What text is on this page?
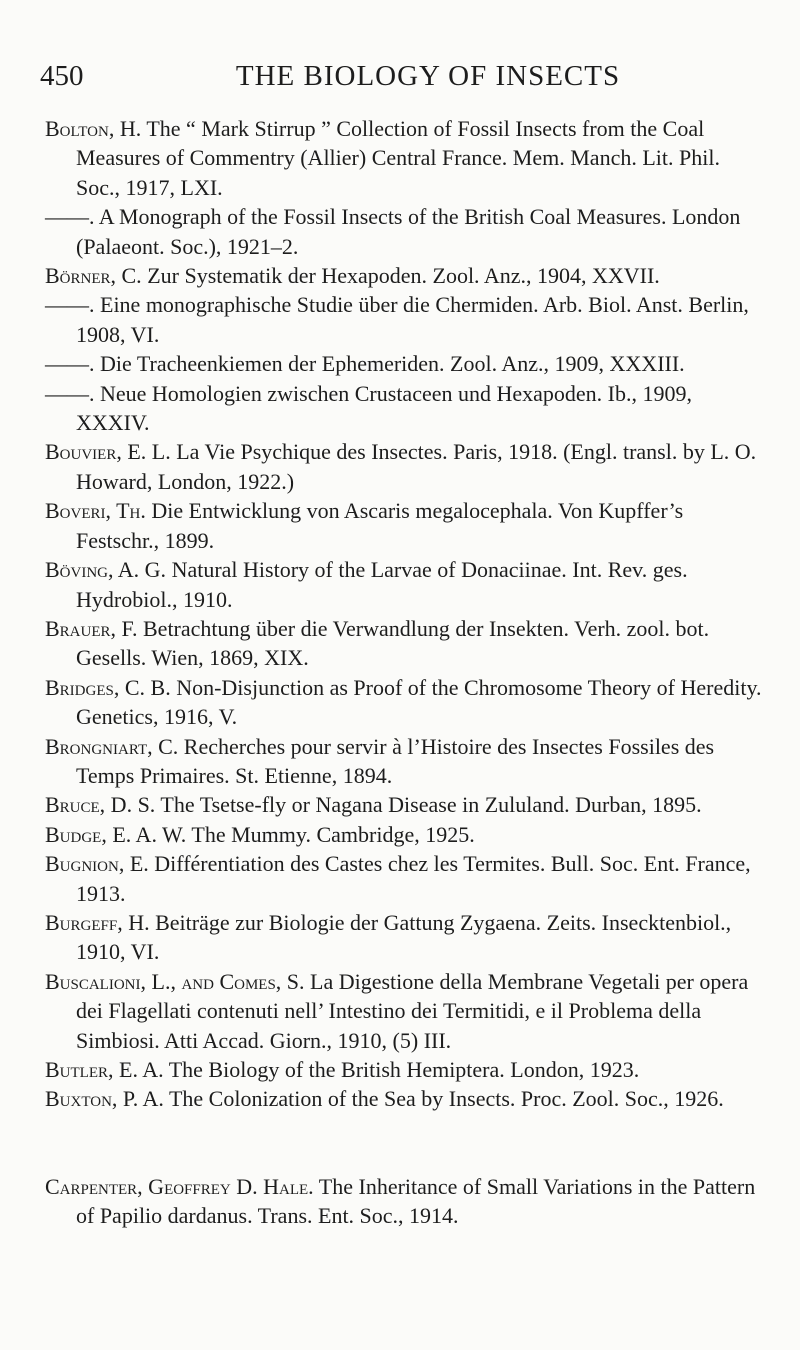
450	THE BIOLOGY OF INSECTS

Bolton, H. The “ Mark Stirrup ” Collection of Fossil Insects from the Coal Measures of Commentry (Allier) Central France. Mem. Manch. Lit. Phil. Soc., 1917, LXI.

——. A Monograph of the Fossil Insects of the British Coal Measures. London (Palaeont. Soc.), 1921–2.

Börner, C. Zur Systematik der Hexapoden. Zool. Anz., 1904, XXVII.

——. Eine monographische Studie über die Chermiden. Arb. Biol. Anst. Berlin, 1908, VI.

——. Die Tracheenkiemen der Ephemeriden. Zool. Anz., 1909, XXXIII.

——. Neue Homologien zwischen Crustaceen und Hexapoden. Ib., 1909, XXXIV.

Bouvier, E. L. La Vie Psychique des Insectes. Paris, 1918. (Engl. transl. by L. O. Howard, London, 1922.)

Boveri, Th. Die Entwicklung von Ascaris megalocephala. Von Kupffer’s Festschr., 1899.

Böving, A. G. Natural History of the Larvae of Donaciinae. Int. Rev. ges. Hydrobiol., 1910.

Brauer, F. Betrachtung über die Verwandlung der Insekten. Verh. zool. bot. Gesells. Wien, 1869, XIX.

Bridges, C. B. Non-Disjunction as Proof of the Chromosome Theory of Heredity. Genetics, 1916, V.

Brongniart, C. Recherches pour servir à l’Histoire des Insectes Fossiles des Temps Primaires. St. Etienne, 1894.

Bruce, D. S. The Tsetse-fly or Nagana Disease in Zululand. Durban, 1895.

Budge, E. A. W. The Mummy. Cambridge, 1925.

Bugnion, E. Différentiation des Castes chez les Termites. Bull. Soc. Ent. France, 1913.

Burgeff, H. Beiträge zur Biologie der Gattung Zygaena. Zeits. Insecktenbiol., 1910, VI.

Buscalioni, L., and Comes, S. La Digestione della Membrane Vegetali per opera dei Flagellati contenuti nell’ Intestino dei Termitidi, e il Problema della Simbiosi. Atti Accad. Giorn., 1910, (5) III.

Butler, E. A. The Biology of the British Hemiptera. London, 1923.

Buxton, P. A. The Colonization of the Sea by Insects. Proc. Zool. Soc., 1926.

Carpenter, Geoffrey D. Hale. The Inheritance of Small Variations in the Pattern of Papilio dardanus. Trans. Ent. Soc., 1914.
